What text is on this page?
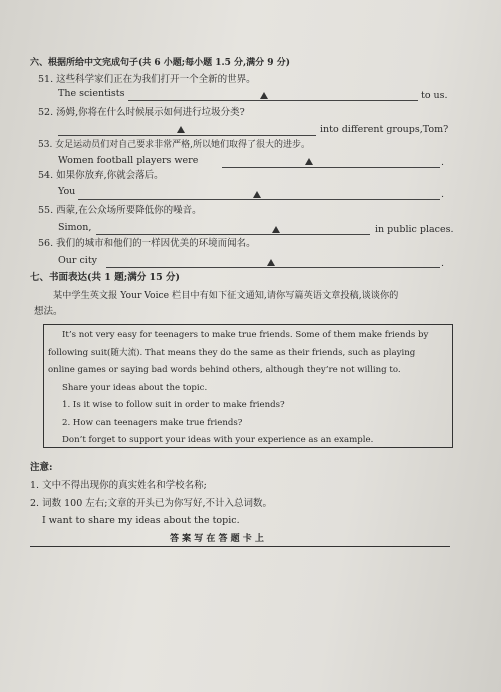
六、根据所给中文完成句子(共 6 小题;每小题 1.5 分,满分 9 分)
51. 这些科学家们正在为我们打开一个全新的世界。
The scientists	to us.
52. 汤姆,你将在什么时候展示如何进行垃圾分类?
into different groups,Tom?
53. 女足运动员们对自己要求非常严格,所以她们取得了很大的进步。
Women football players were	.
54. 如果你放弃,你就会落后。
You	.
55. 西蒙,在公众场所要降低你的噪音。
Simon,	in public places.
56. 我们的城市和他们的一样因优美的环境而闻名。
Our city	.
七、书面表达(共 1 题;满分 15 分)
某中学生英文报 Your Voice 栏目中有如下征文通知,请你写篇英语文章投稿,谈谈你的
想法。
It’s not very easy for teenagers to make true friends. Some of them make friends by
following suit(随大流). That means they do the same as their friends, such as playing
online games or saying bad words behind others, although they’re not willing to.
Share your ideas about the topic.
1. Is it wise to follow suit in order to make friends?
2. How can teenagers make true friends?
Don’t forget to support your ideas with your experience as an example.
注意:
1. 文中不得出现你的真实姓名和学校名称;
2. 词数 100 左右;文章的开头已为你写好,不计入总词数。
I want to share my ideas about the topic.
答 案 写 在 答 题 卡 上
